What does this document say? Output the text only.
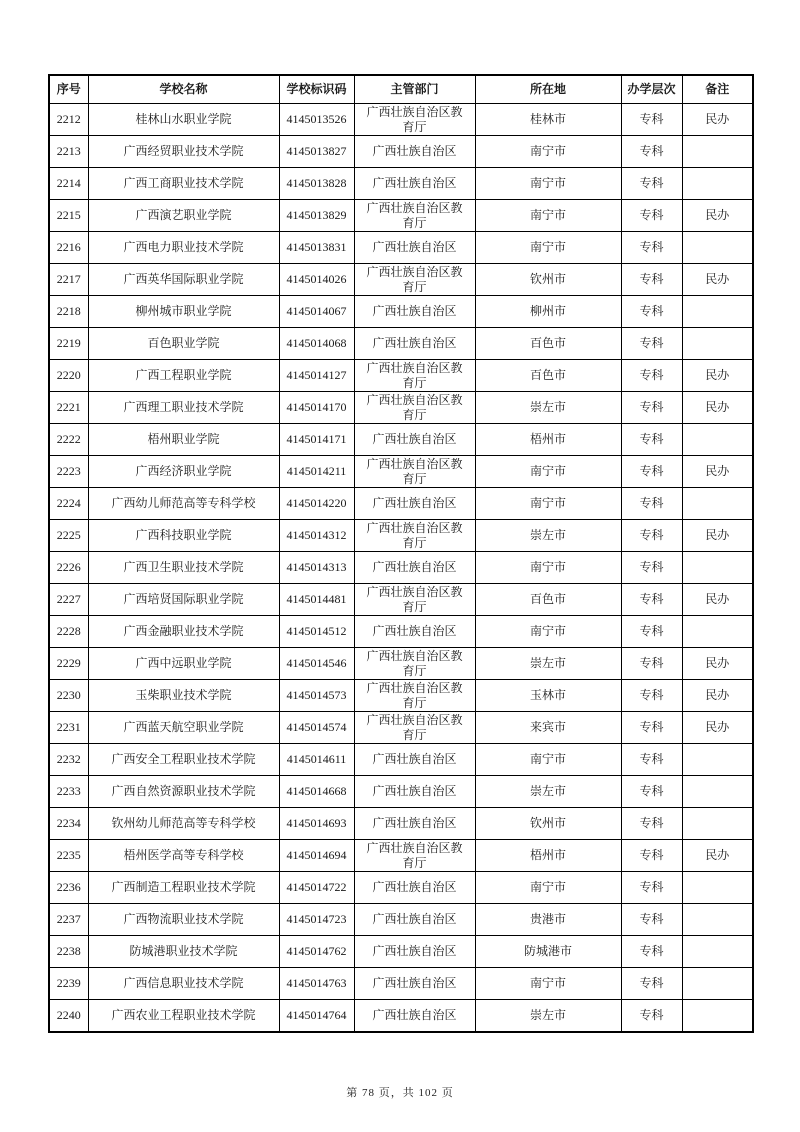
序号	学校名称	学校标识码	主管部门	所在地	办学层次	备注
2212	桂林山水职业学院	4145013526	广西壮族自治区教育厅	桂林市	专科	民办
2213	广西经贸职业技术学院	4145013827	广西壮族自治区	南宁市	专科	
2214	广西工商职业技术学院	4145013828	广西壮族自治区	南宁市	专科	
2215	广西演艺职业学院	4145013829	广西壮族自治区教育厅	南宁市	专科	民办
2216	广西电力职业技术学院	4145013831	广西壮族自治区	南宁市	专科	
2217	广西英华国际职业学院	4145014026	广西壮族自治区教育厅	钦州市	专科	民办
2218	柳州城市职业学院	4145014067	广西壮族自治区	柳州市	专科	
2219	百色职业学院	4145014068	广西壮族自治区	百色市	专科	
2220	广西工程职业学院	4145014127	广西壮族自治区教育厅	百色市	专科	民办
2221	广西理工职业技术学院	4145014170	广西壮族自治区教育厅	崇左市	专科	民办
2222	梧州职业学院	4145014171	广西壮族自治区	梧州市	专科	
2223	广西经济职业学院	4145014211	广西壮族自治区教育厅	南宁市	专科	民办
2224	广西幼儿师范高等专科学校	4145014220	广西壮族自治区	南宁市	专科	
2225	广西科技职业学院	4145014312	广西壮族自治区教育厅	崇左市	专科	民办
2226	广西卫生职业技术学院	4145014313	广西壮族自治区	南宁市	专科	
2227	广西培贤国际职业学院	4145014481	广西壮族自治区教育厅	百色市	专科	民办
2228	广西金融职业技术学院	4145014512	广西壮族自治区	南宁市	专科	
2229	广西中远职业学院	4145014546	广西壮族自治区教育厅	崇左市	专科	民办
2230	玉柴职业技术学院	4145014573	广西壮族自治区教育厅	玉林市	专科	民办
2231	广西蓝天航空职业学院	4145014574	广西壮族自治区教育厅	来宾市	专科	民办
2232	广西安全工程职业技术学院	4145014611	广西壮族自治区	南宁市	专科	
2233	广西自然资源职业技术学院	4145014668	广西壮族自治区	崇左市	专科	
2234	钦州幼儿师范高等专科学校	4145014693	广西壮族自治区	钦州市	专科	
2235	梧州医学高等专科学校	4145014694	广西壮族自治区教育厅	梧州市	专科	民办
2236	广西制造工程职业技术学院	4145014722	广西壮族自治区	南宁市	专科	
2237	广西物流职业技术学院	4145014723	广西壮族自治区	贵港市	专科	
2238	防城港职业技术学院	4145014762	广西壮族自治区	防城港市	专科	
2239	广西信息职业技术学院	4145014763	广西壮族自治区	南宁市	专科	
2240	广西农业工程职业技术学院	4145014764	广西壮族自治区	崇左市	专科	
第 78 页，共 102 页
